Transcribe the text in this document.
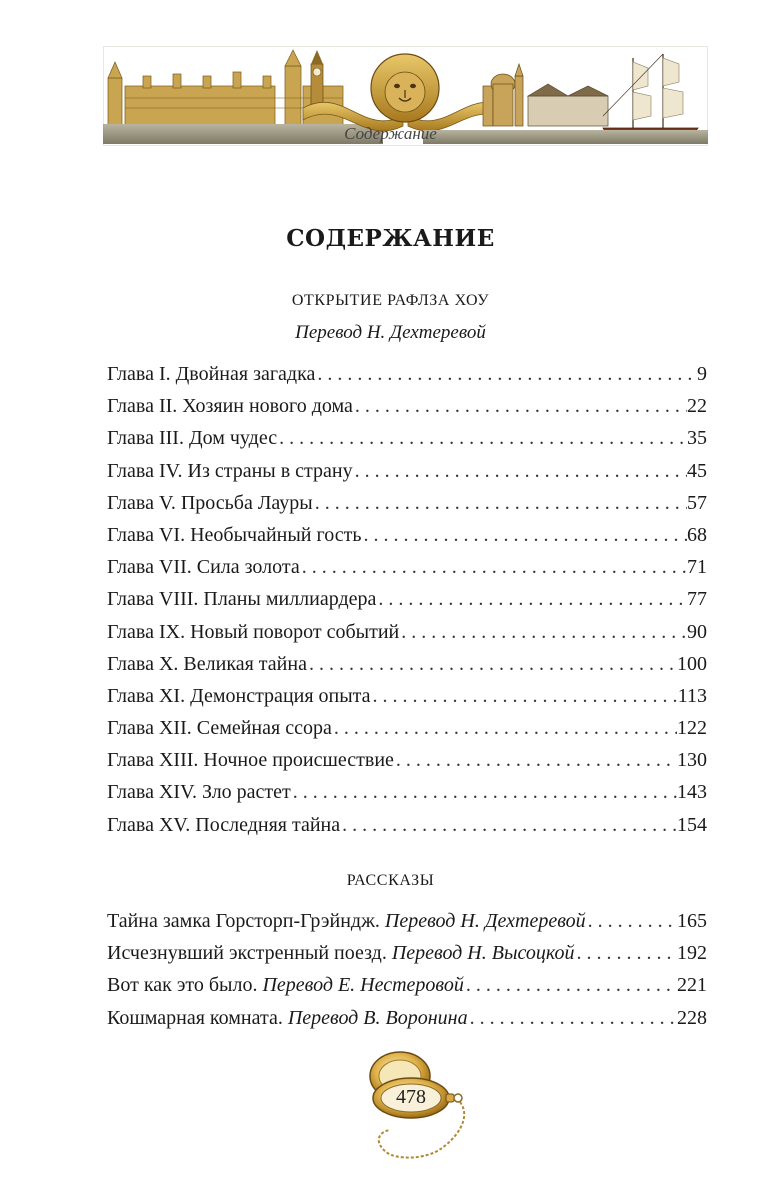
Содержание
СОДЕРЖАНИЕ
ОТКРЫТИЕ РАФЛЗА ХОУ
Перевод Н. Дехтеревой
Глава I. Двойная загадка . . .	9
Глава II. Хозяин нового дома . . .	22
Глава III. Дом чудес . . .	35
Глава IV. Из страны в страну . . .	45
Глава V. Просьба Лауры . . .	57
Глава VI. Необычайный гость . . .	68
Глава VII. Сила золота . . .	71
Глава VIII. Планы миллиардера . . .	77
Глава IX. Новый поворот событий . . .	90
Глава X. Великая тайна . . .	100
Глава XI. Демонстрация опыта . . .	113
Глава XII. Семейная ссора . . .	122
Глава XIII. Ночное происшествие . . .	130
Глава XIV. Зло растет . . .	143
Глава XV. Последняя тайна . . .	154
РАССКАЗЫ
Тайна замка Горсторп-Грэйндж. Перевод Н. Дехтеревой . . .	165
Исчезнувший экстренный поезд. Перевод Н. Высоцкой . . .	192
Вот как это было. Перевод Е. Нестеровой . . .	221
Кошмарная комната. Перевод В. Воронина . . .	228
478
